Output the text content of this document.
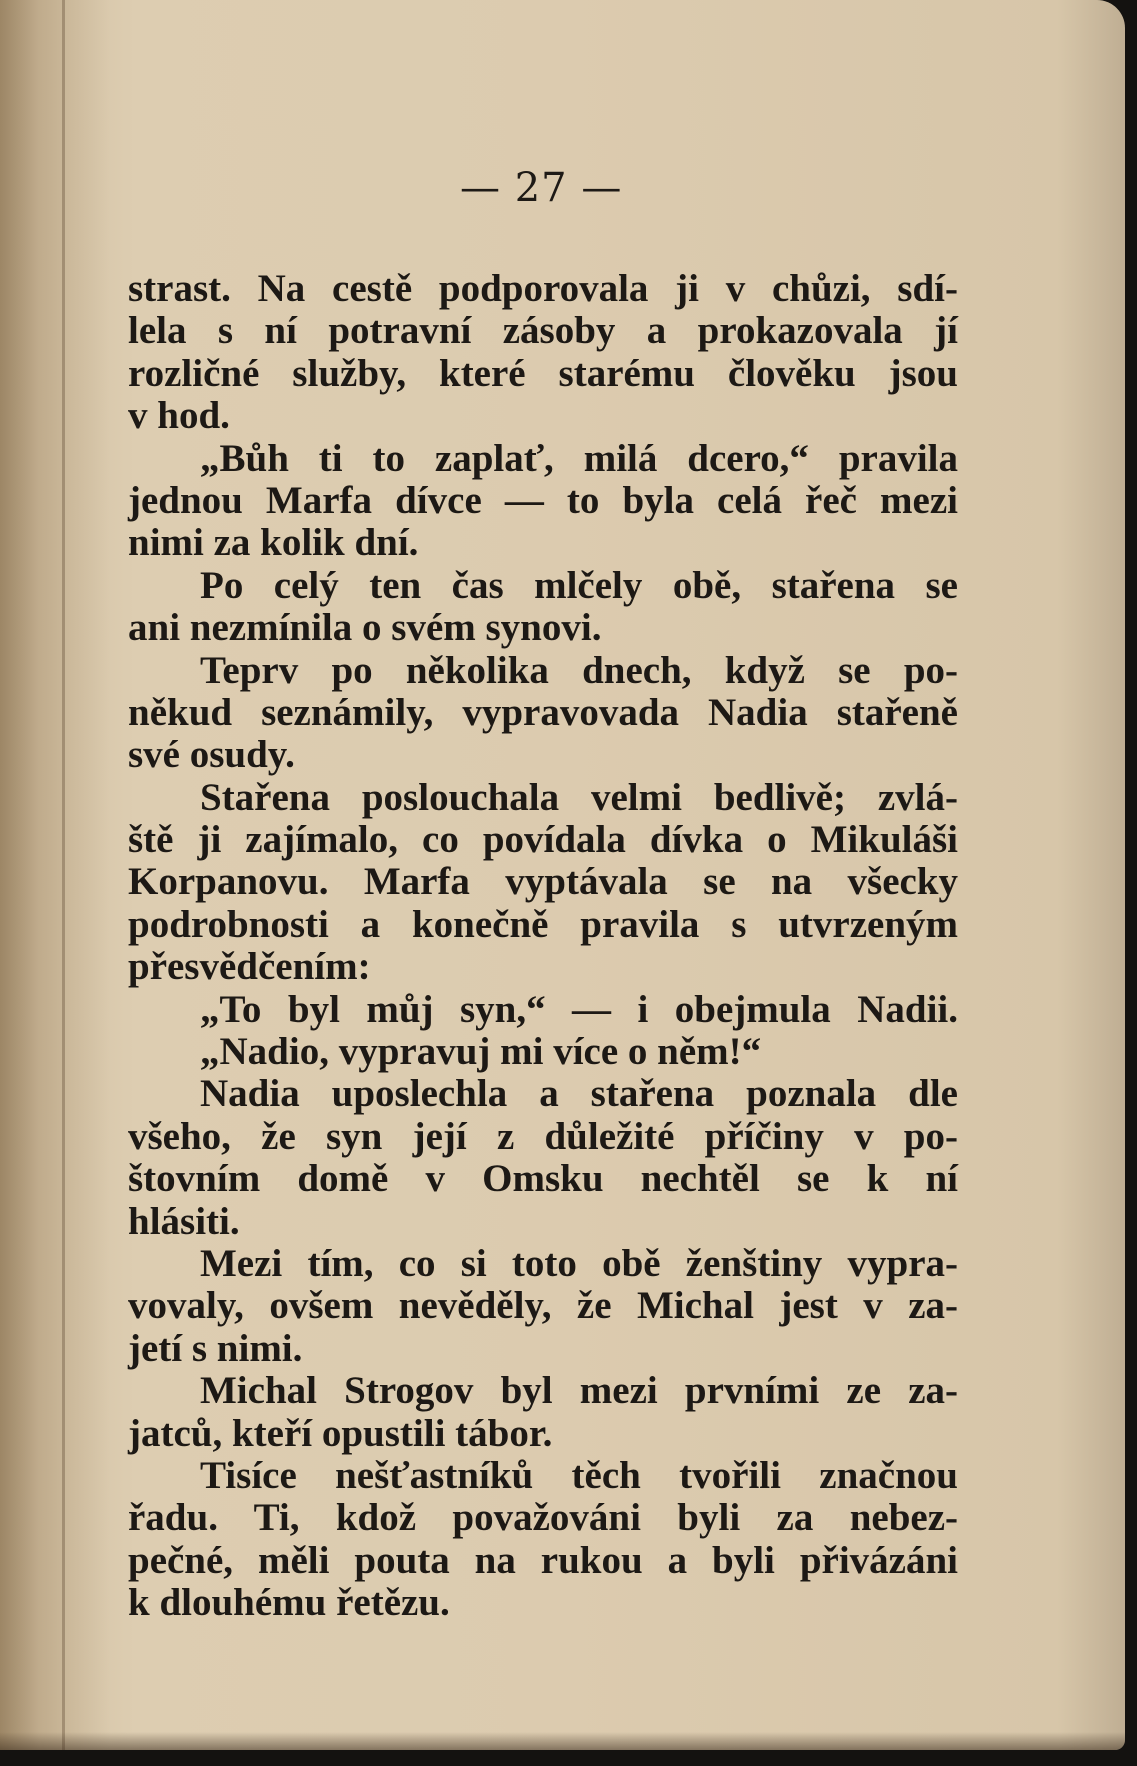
— 27 —
strast. Na cestě podporovala ji v chůzi, sdí-
lela s ní potravní zásoby a prokazovala jí
rozličné služby, které starému člověku jsou
v hod.
„Bůh ti to zaplať, milá dcero,“ pravila
jednou Marfa dívce — to byla celá řeč mezi
nimi za kolik dní.
Po celý ten čas mlčely obě, stařena se
ani nezmínila o svém synovi.
Teprv po několika dnech, když se po-
někud seznámily, vypravovada Nadia stařeně
své osudy.
Stařena poslouchala velmi bedlivě; zvlá-
ště ji zajímalo, co povídala dívka o Mikuláši
Korpanovu. Marfa vyptávala se na všecky
podrobnosti a konečně pravila s utvrzeným
přesvědčením:
„To byl můj syn,“ — i obejmula Nadii.
„Nadio, vypravuj mi více o něm!“
Nadia uposlechla a stařena poznala dle
všeho, že syn její z důležité příčiny v po-
štovním domě v Omsku nechtěl se k ní
hlásiti.
Mezi tím, co si toto obě ženštiny vypra-
vovaly, ovšem nevěděly, že Michal jest v za-
jetí s nimi.
Michal Strogov byl mezi prvními ze za-
jatců, kteří opustili tábor.
Tisíce nešťastníků těch tvořili značnou
řadu. Ti, kdož považováni byli za nebez-
pečné, měli pouta na rukou a byli přivázáni
k dlouhému řetězu.
